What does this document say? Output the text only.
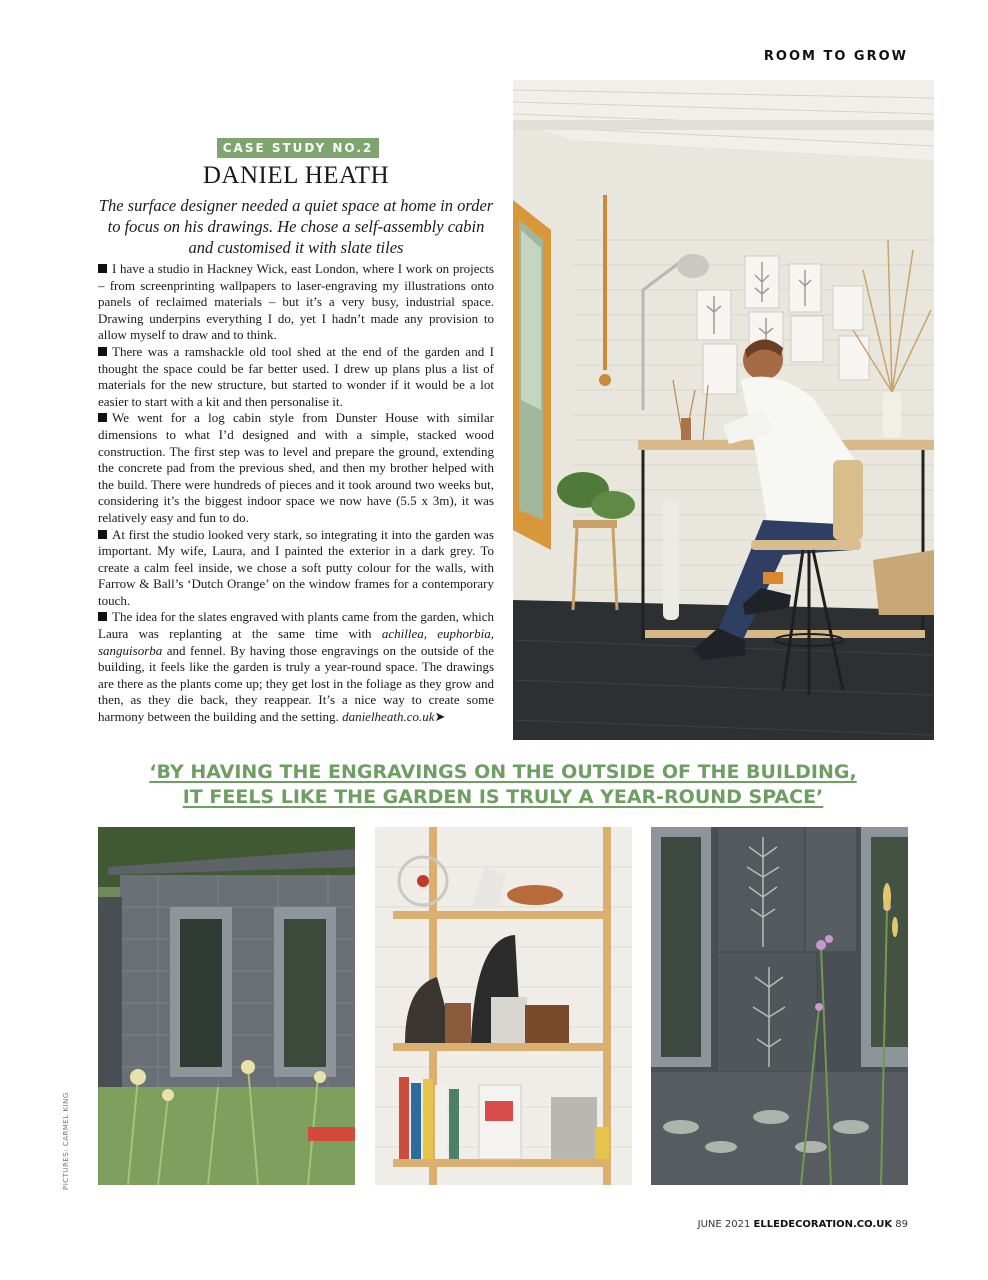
ROOM TO GROW
CASE STUDY NO.2
DANIEL HEATH
The surface designer needed a quiet space at home in order to focus on his drawings. He chose a self-assembly cabin and customised it with slate tiles

I have a studio in Hackney Wick, east London, where I work on projects – from screenprinting wallpapers to laser-engraving my illustrations onto panels of reclaimed materials – but it’s a very busy, industrial space. Drawing underpins everything I do, yet I hadn’t made any provision to allow myself to draw and to think.

There was a ramshackle old tool shed at the end of the garden and I thought the space could be far better used. I drew up plans plus a list of materials for the new structure, but started to wonder if it would be a lot easier to start with a kit and then personalise it.

We went for a log cabin style from Dunster House with similar dimensions to what I’d designed and with a simple, stacked wood construction. The first step was to level and prepare the ground, extending the concrete pad from the previous shed, and then my brother helped with the build. There were hundreds of pieces and it took around two weeks but, considering it’s the biggest indoor space we now have (5.5 x 3m), it was relatively easy and fun to do.

At first the studio looked very stark, so integrating it into the garden was important. My wife, Laura, and I painted the exterior in a dark grey. To create a calm feel inside, we chose a soft putty colour for the walls, with Farrow & Ball’s ‘Dutch Orange’ on the window frames for a contemporary touch.

The idea for the slates engraved with plants came from the garden, which Laura was replanting at the same time with achillea, euphorbia, sanguisorba and fennel. By having those engravings on the outside of the building, it feels like the garden is truly a year-round space. The drawings are there as the plants come up; they get lost in the foliage as they grow and then, as they die back, they reappear. It’s a nice way to create some harmony between the building and the setting. danielheath.co.uk➤

‘BY HAVING THE ENGRAVINGS ON THE OUTSIDE OF THE BUILDING,
IT FEELS LIKE THE GARDEN IS TRULY A YEAR-ROUND SPACE’
PICTURES: CARMEL KING
JUNE 2021 ELLEDECORATION.CO.UK 89
